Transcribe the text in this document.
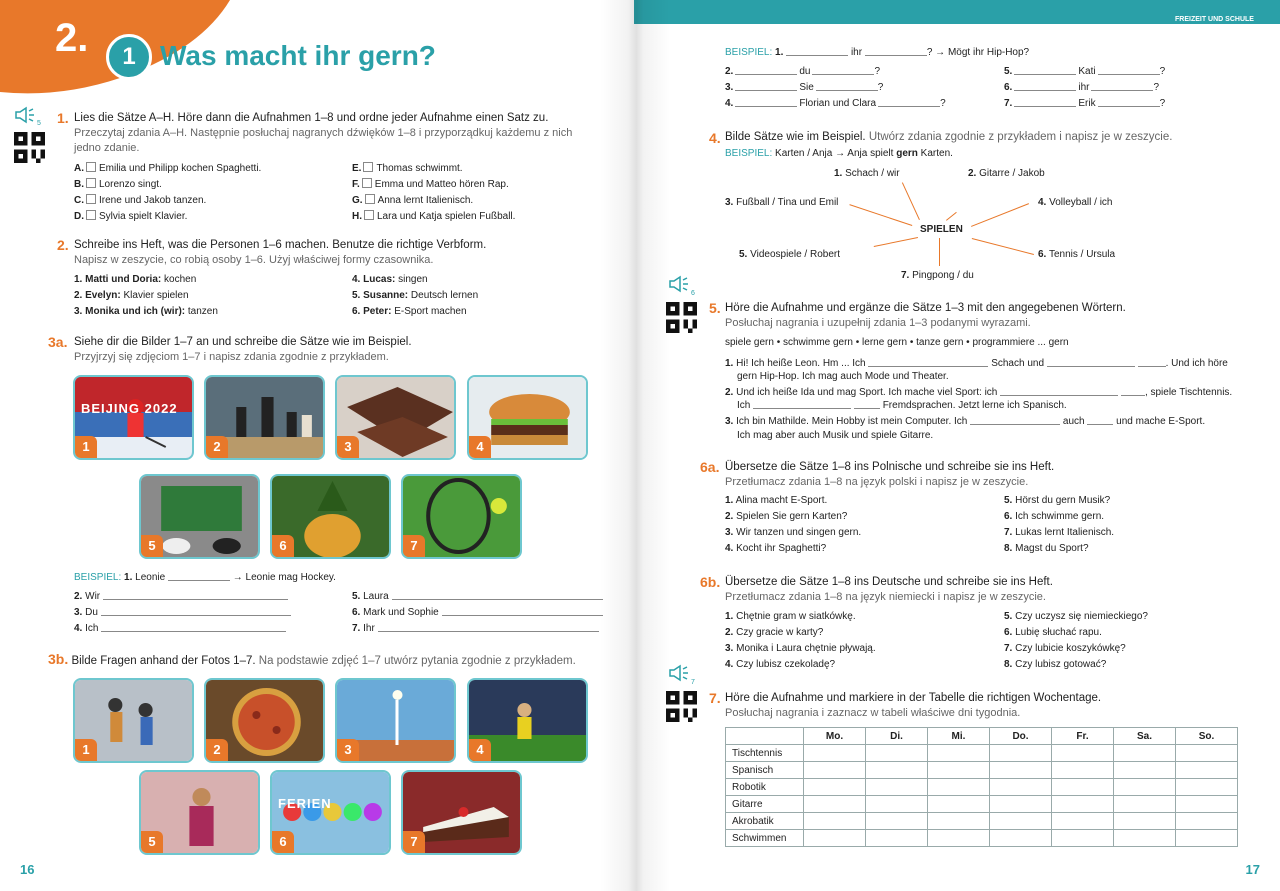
2.	1 Was macht ihr gern?
5 1. Lies die Sätze A–H. Höre dann die Aufnahmen 1–8 und ordne jeder Aufnahme einen Satz zu.
Przeczytaj zdania A–H. Następnie posłuchaj nagranych dźwięków 1–8 i przyporządkuj każdemu z nich jedno zdanie.
A. Emilia und Philipp kochen Spaghetti.
B. Lorenzo singt.
C. Irene und Jakob tanzen.
D. Sylvia spielt Klavier.
E. Thomas schwimmt.
F. Emma und Matteo hören Rap.
G. Anna lernt Italienisch.
H. Lara und Katja spielen Fußball.
2. Schreibe ins Heft, was die Personen 1–6 machen. Benutze die richtige Verbform.
Napisz w zeszycie, co robią osoby 1–6. Użyj właściwej formy czasownika.
1. Matti und Doria: kochen
2. Evelyn: Klavier spielen
3. Monika und ich (wir): tanzen
4. Lucas: singen
5. Susanne: Deutsch lernen
6. Peter: E-Sport machen
3a. Siehe dir die Bilder 1–7 an und schreibe die Sätze wie im Beispiel.
Przyjrzyj się zdjęciom 1–7 i napisz zdania zgodnie z przykładem.
BEIJING 2022
1	2	3	4
5	6	7
BEISPIEL: 1. Leonie	→ Leonie mag Hockey.
2. Wir
3. Du
4. Ich
5. Laura
6. Mark und Sophie
7. Ihr
3b. Bilde Fragen anhand der Fotos 1–7. Na podstawie zdjęć 1–7 utwórz pytania zgodnie z przykładem.
1	2	3	4
5
FERIEN
6	7
16
FREIZEIT UND SCHULE
BEISPIEL: 1.	ihr	? → Mögt ihr Hip-Hop?
2.	du	?
3.	Sie	?
4.	Florian und Clara	?
5.	Kati	?
6.	ihr	?
7.	Erik	?
4. Bilde Sätze wie im Beispiel. Utwórz zdania zgodnie z przykładem i napisz je w zeszycie.
BEISPIEL: Karten / Anja → Anja spielt gern Karten.
SPIELEN
1. Schach / wir	2. Gitarre / Jakob
3. Fußball / Tina und Emil	4. Volleyball / ich
5. Videospiele / Robert	6. Tennis / Ursula
7. Pingpong / du
6
5. Höre die Aufnahme und ergänze die Sätze 1–3 mit den angegebenen Wörtern.
Posłuchaj nagrania i uzupełnij zdania 1–3 podanymi wyrazami.
spiele gern • schwimme gern • lerne gern • tanze gern • programmiere ... gern
1. Hi! Ich heiße Leon. Hm ... Ich	Schach und	. Und ich höre
gern Hip-Hop. Ich mag auch Mode und Theater.
2. Und ich heiße Ida und mag Sport. Ich mache viel Sport: ich	, spiele Tischtennis.
Ich	Fremdsprachen. Jetzt lerne ich Spanisch.
3. Ich bin Mathilde. Mein Hobby ist mein Computer. Ich	auch	und mache E-Sport.
Ich mag aber auch Musik und spiele Gitarre.
6a. Übersetze die Sätze 1–8 ins Polnische und schreibe sie ins Heft.
Przetłumacz zdania 1–8 na język polski i napisz je w zeszycie.
1. Alina macht E-Sport.
2. Spielen Sie gern Karten?
3. Wir tanzen und singen gern.
4. Kocht ihr Spaghetti?
5. Hörst du gern Musik?
6. Ich schwimme gern.
7. Lukas lernt Italienisch.
8. Magst du Sport?
6b. Übersetze die Sätze 1–8 ins Deutsche und schreibe sie ins Heft.
Przetłumacz zdania 1–8 na język niemiecki i napisz je w zeszycie.
1. Chętnie gram w siatkówkę.
2. Czy gracie w karty?
3. Monika i Laura chętnie pływają.
4. Czy lubisz czekoladę?
5. Czy uczysz się niemieckiego?
6. Lubię słuchać rapu.
7. Czy lubicie koszykówkę?
8. Czy lubisz gotować?
7
7. Höre die Aufnahme und markiere in der Tabelle die richtigen Wochentage.
Posłuchaj nagrania i zaznacz w tabeli właściwe dni tygodnia.
	Mo.	Di.	Mi.	Do.	Fr.	Sa.	So.
Tischtennis							
Spanisch							
Robotik							
Gitarre							
Akrobatik							
Schwimmen							
17
